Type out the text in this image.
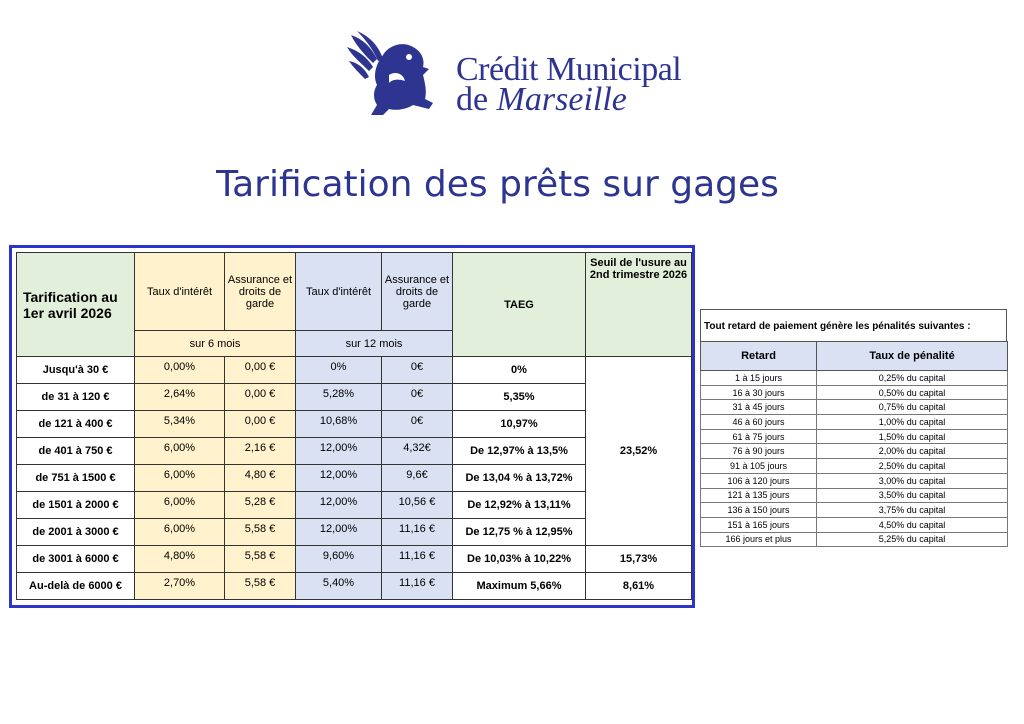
Crédit Municipal
de Marseille
Tarification des prêts sur gages
Tarification au 1er avril 2026	Taux d'intérêt	Assurance et droits de garde	Taux d'intérêt	Assurance et droits de garde	TAEG	Seuil de l'usure au 2nd trimestre 2026
	sur 6 mois		sur 12 mois			
Jusqu'à 30 €	0,00%	0,00 €	0%	0€	0%	23,52%
de 31 à 120 €	2,64%	0,00 €	5,28%	0€	5,35%	
de 121 à 400 €	5,34%	0,00 €	10,68%	0€	10,97%	
de 401 à 750 €	6,00%	2,16 €	12,00%	4,32€	De 12,97% à 13,5%	
de 751 à 1500 €	6,00%	4,80 €	12,00%	9,6€	De 13,04 % à 13,72%	
de 1501 à 2000 €	6,00%	5,28 €	12,00%	10,56 €	De 12,92% à 13,11%	
de 2001 à 3000 €	6,00%	5,58 €	12,00%	11,16 €	De 12,75 % à 12,95%	
de 3001 à 6000 €	4,80%	5,58 €	9,60%	11,16 €	De 10,03% à 10,22%	15,73%
Au-delà de 6000 €	2,70%	5,58 €	5,40%	11,16 €	Maximum 5,66%	8,61%
Tout retard de paiement génère les pénalités suivantes :
Retard	Taux de pénalité
1 à 15 jours	0,25% du capital
16 à 30 jours	0,50% du capital
31 à 45 jours	0,75% du capital
46 à 60 jours	1,00% du capital
61 à 75 jours	1,50% du capital
76 à 90 jours	2,00% du capital
91 à 105 jours	2,50% du capital
106 à 120 jours	3,00% du capital
121 à 135 jours	3,50% du capital
136 à 150 jours	3,75% du capital
151 à 165 jours	4,50% du capital
166 jours et plus	5,25% du capital
